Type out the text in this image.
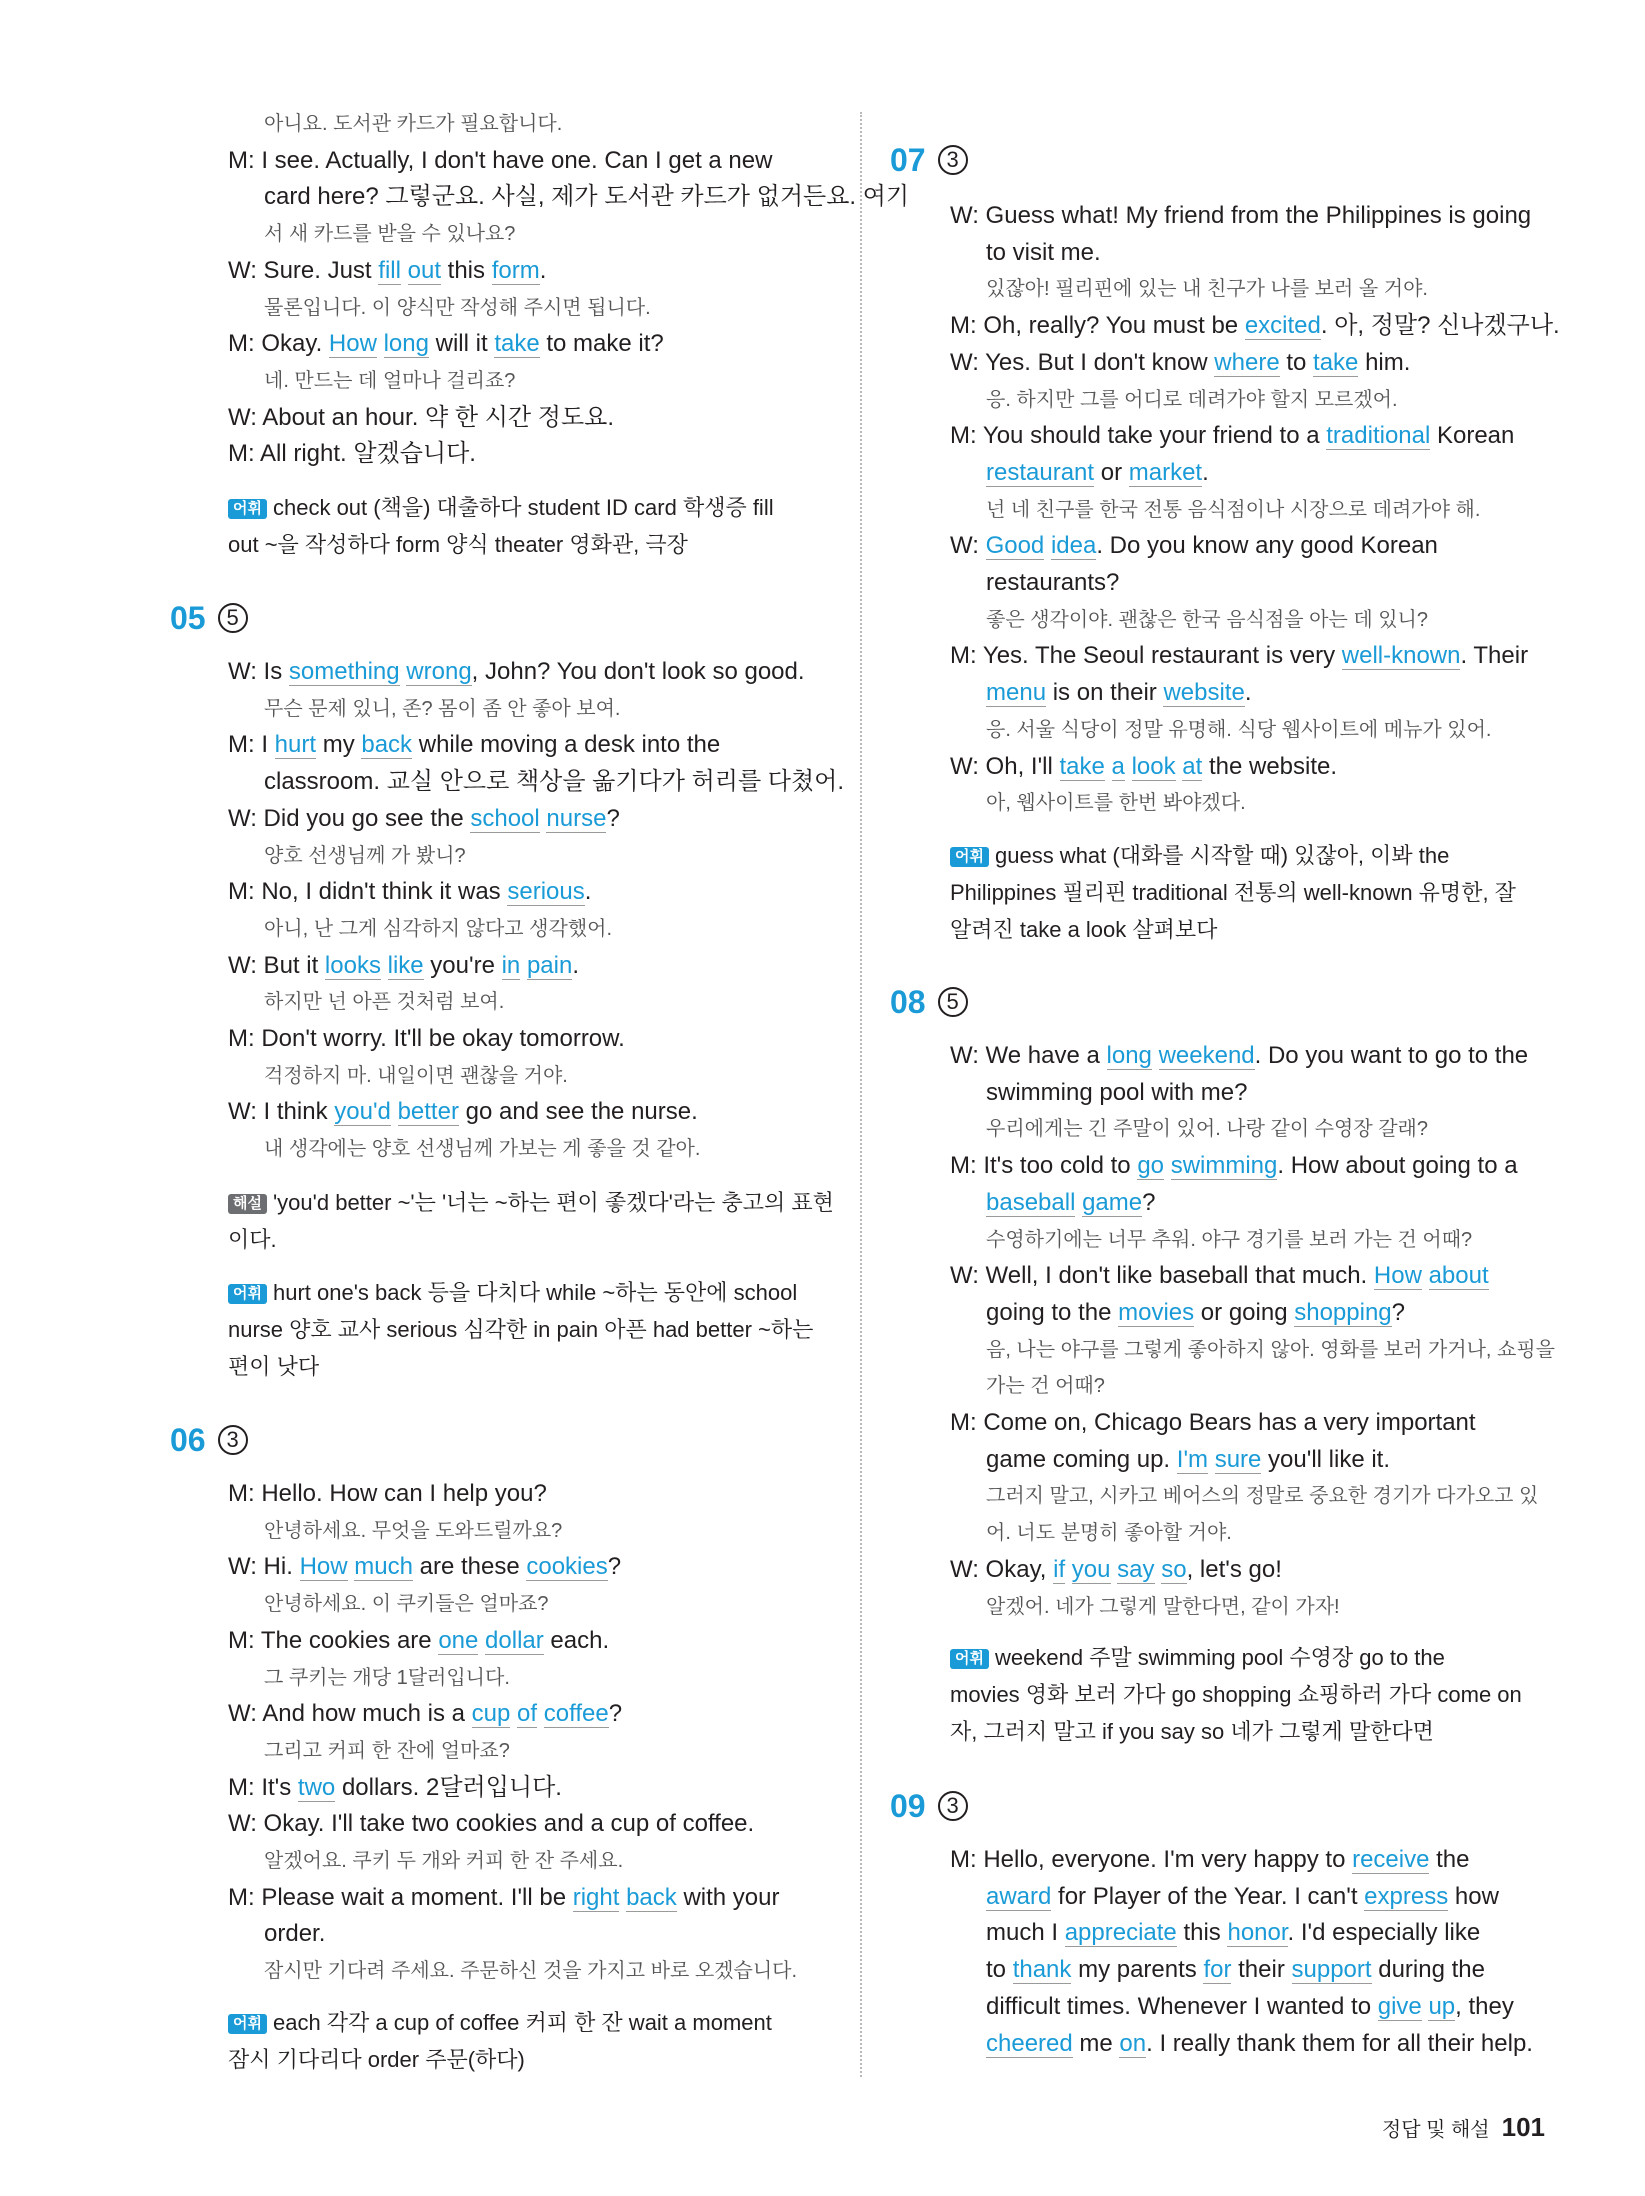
아니요. 도서관 카드가 필요합니다.
M: I see. Actually, I don't have one. Can I get a new
card here? 그렇군요. 사실, 제가 도서관 카드가 없거든요. 여기
서 새 카드를 받을 수 있나요?
W: Sure. Just fill out this form.
물론입니다. 이 양식만 작성해 주시면 됩니다.
M: Okay. How long will it take to make it?
네. 만드는 데 얼마나 걸리죠?
W: About an hour. 약 한 시간 정도요.
M: All right. 알겠습니다.
어휘 check out (책을) 대출하다 student ID card 학생증 fill
out ~을 작성하다 form 양식 theater 영화관, 극장
05 5
W: Is something wrong, John? You don't look so good.
무슨 문제 있니, 존? 몸이 좀 안 좋아 보여.
M: I hurt my back while moving a desk into the
classroom. 교실 안으로 책상을 옮기다가 허리를 다쳤어.
W: Did you go see the school nurse?
양호 선생님께 가 봤니?
M: No, I didn't think it was serious.
아니, 난 그게 심각하지 않다고 생각했어.
W: But it looks like you're in pain.
하지만 넌 아픈 것처럼 보여.
M: Don't worry. It'll be okay tomorrow.
걱정하지 마. 내일이면 괜찮을 거야.
W: I think you'd better go and see the nurse.
내 생각에는 양호 선생님께 가보는 게 좋을 것 같아.
해설 'you'd better ~'는 '너는 ~하는 편이 좋겠다'라는 충고의 표현
이다.
어휘 hurt one's back 등을 다치다 while ~하는 동안에 school
nurse 양호 교사 serious 심각한 in pain 아픈 had better ~하는
편이 낫다
06 3
M: Hello. How can I help you?
안녕하세요. 무엇을 도와드릴까요?
W: Hi. How much are these cookies?
안녕하세요. 이 쿠키들은 얼마죠?
M: The cookies are one dollar each.
그 쿠키는 개당 1달러입니다.
W: And how much is a cup of coffee?
그리고 커피 한 잔에 얼마죠?
M: It's two dollars. 2달러입니다.
W: Okay. I'll take two cookies and a cup of coffee.
알겠어요. 쿠키 두 개와 커피 한 잔 주세요.
M: Please wait a moment. I'll be right back with your
order.
잠시만 기다려 주세요. 주문하신 것을 가지고 바로 오겠습니다.
어휘 each 각각 a cup of coffee 커피 한 잔 wait a moment
잠시 기다리다 order 주문(하다)
W: Guess what! My friend from the Philippines is going
to visit me.
있잖아! 필리핀에 있는 내 친구가 나를 보러 올 거야.
M: Oh, really? You must be excited. 아, 정말? 신나겠구나.
W: Yes. But I don't know where to take him.
응. 하지만 그를 어디로 데려가야 할지 모르겠어.
M: You should take your friend to a traditional Korean
restaurant or market.
넌 네 친구를 한국 전통 음식점이나 시장으로 데려가야 해.
W: Good idea. Do you know any good Korean
restaurants?
좋은 생각이야. 괜찮은 한국 음식점을 아는 데 있니?
M: Yes. The Seoul restaurant is very well-known. Their
menu is on their website.
응. 서울 식당이 정말 유명해. 식당 웹사이트에 메뉴가 있어.
W: Oh, I'll take a look at the website.
아, 웹사이트를 한번 봐야겠다.
07 3
어휘 guess what (대화를 시작할 때) 있잖아, 이봐 the
Philippines 필리핀 traditional 전통의 well-known 유명한, 잘
알려진 take a look 살펴보다
08 5
W: We have a long weekend. Do you want to go to the
swimming pool with me?
우리에게는 긴 주말이 있어. 나랑 같이 수영장 갈래?
M: It's too cold to go swimming. How about going to a
baseball game?
수영하기에는 너무 추워. 야구 경기를 보러 가는 건 어때?
W: Well, I don't like baseball that much. How about
going to the movies or going shopping?
음, 나는 야구를 그렇게 좋아하지 않아. 영화를 보러 가거나, 쇼핑을
가는 건 어때?
M: Come on, Chicago Bears has a very important
game coming up. I'm sure you'll like it.
그러지 말고, 시카고 베어스의 정말로 중요한 경기가 다가오고 있
어. 너도 분명히 좋아할 거야.
W: Okay, if you say so, let's go!
알겠어. 네가 그렇게 말한다면, 같이 가자!
어휘 weekend 주말 swimming pool 수영장 go to the
movies 영화 보러 가다 go shopping 쇼핑하러 가다 come on
자, 그러지 말고 if you say so 네가 그렇게 말한다면
09 3
M: Hello, everyone. I'm very happy to receive the
award for Player of the Year. I can't express how
much I appreciate this honor. I'd especially like
to thank my parents for their support during the
difficult times. Whenever I wanted to give up, they
cheered me on. I really thank them for all their help.
정답 및 해설 101
